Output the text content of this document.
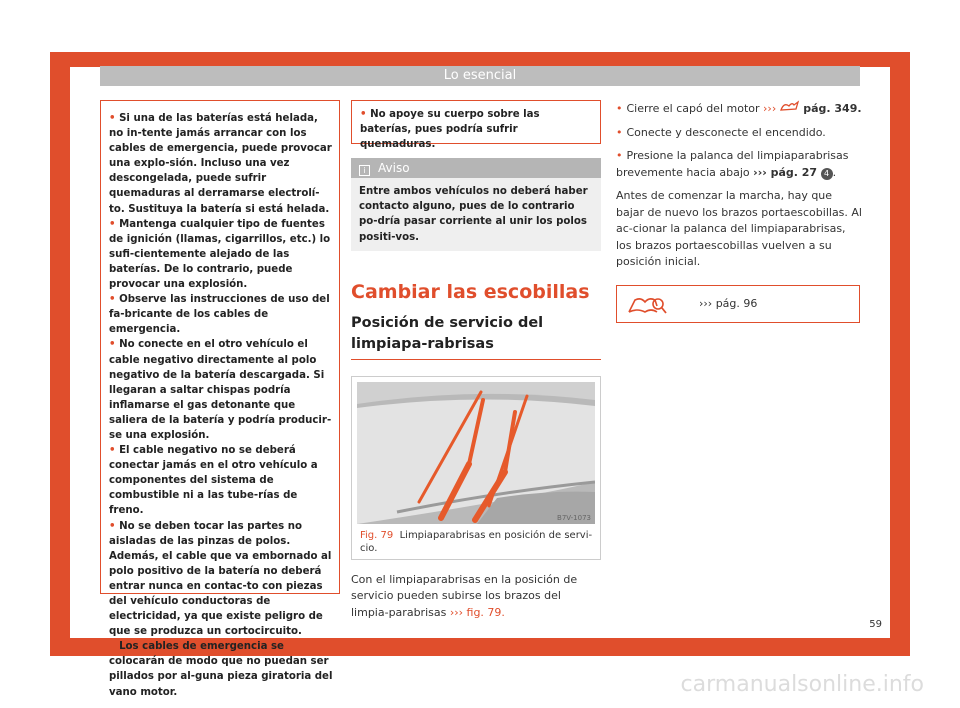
Lo esencial
• Si una de las baterías está helada, no in-tente jamás arrancar con los cables de emergencia, puede provocar una explo-sión. Incluso una vez descongelada, puede sufrir quemaduras al derramarse electrolí-to. Sustituya la batería si está helada.
• Mantenga cualquier tipo de fuentes de ignición (llamas, cigarrillos, etc.) lo sufi-cientemente alejado de las baterías. De lo contrario, puede provocar una explosión.
• Observe las instrucciones de uso del fa-bricante de los cables de emergencia.
• No conecte en el otro vehículo el cable negativo directamente al polo negativo de la batería descargada. Si llegaran a saltar chispas podría inflamarse el gas detonante que saliera de la batería y podría producir-se una explosión.
• El cable negativo no se deberá conectar jamás en el otro vehículo a componentes del sistema de combustible ni a las tube-rías de freno.
• No se deben tocar las partes no aisladas de las pinzas de polos. Además, el cable que va embornado al polo positivo de la batería no deberá entrar nunca en contac-to con piezas del vehículo conductoras de electricidad, ya que existe peligro de que se produzca un cortocircuito.
• Los cables de emergencia se colocarán de modo que no puedan ser pillados por al-guna pieza giratoria del vano motor.
• No apoye su cuerpo sobre las baterías, pues podría sufrir quemaduras.
i Aviso
Entre ambos vehículos no deberá haber contacto alguno, pues de lo contrario po-dría pasar corriente al unir los polos positi-vos.
Cambiar las escobillas
Posición de servicio del limpiapa-rabrisas
B7V-1073
Fig. 79 Limpiaparabrisas en posición de servi-cio.

Con el limpiaparabrisas en la posición de servicio pueden subirse los brazos del limpia-parabrisas ››› fig. 79.

• Cierre el capó del motor ››› pág. 349.

• Conecte y desconecte el encendido.

• Presione la palanca del limpiaparabrisas brevemente hacia abajo ››› pág. 27 4 .

Antes de comenzar la marcha, hay que bajar de nuevo los brazos portaescobillas. Al ac-cionar la palanca del limpiaparabrisas, los brazos portaescobillas vuelven a su posición inicial.

››› pág. 96
59
carmanualsonline.info
